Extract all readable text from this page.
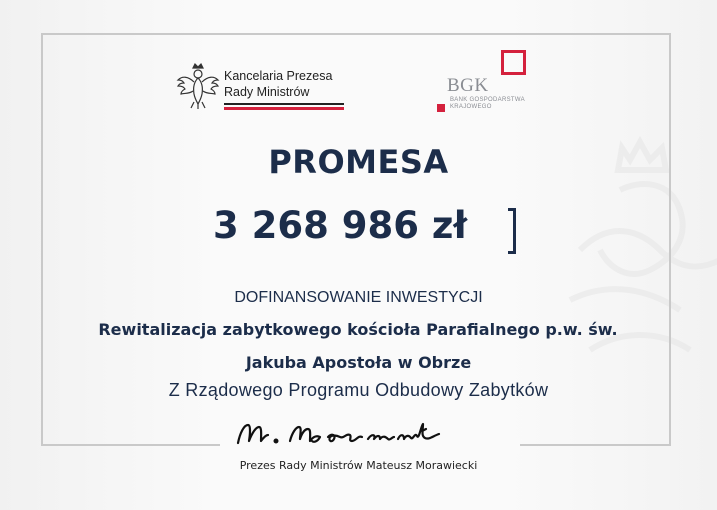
Kancelaria Prezesa
Rady Ministrów	BGK
BANK GOSPODARSTWA
KRAJOWEGO
PROMESA
3 268 986 zł
DOFINANSOWANIE INWESTYCJI
Rewitalizacja zabytkowego kościoła Parafialnego p.w. św.
Jakuba Apostoła w Obrze
Z Rządowego Programu Odbudowy Zabytków
Prezes Rady Ministrów Mateusz Morawiecki
